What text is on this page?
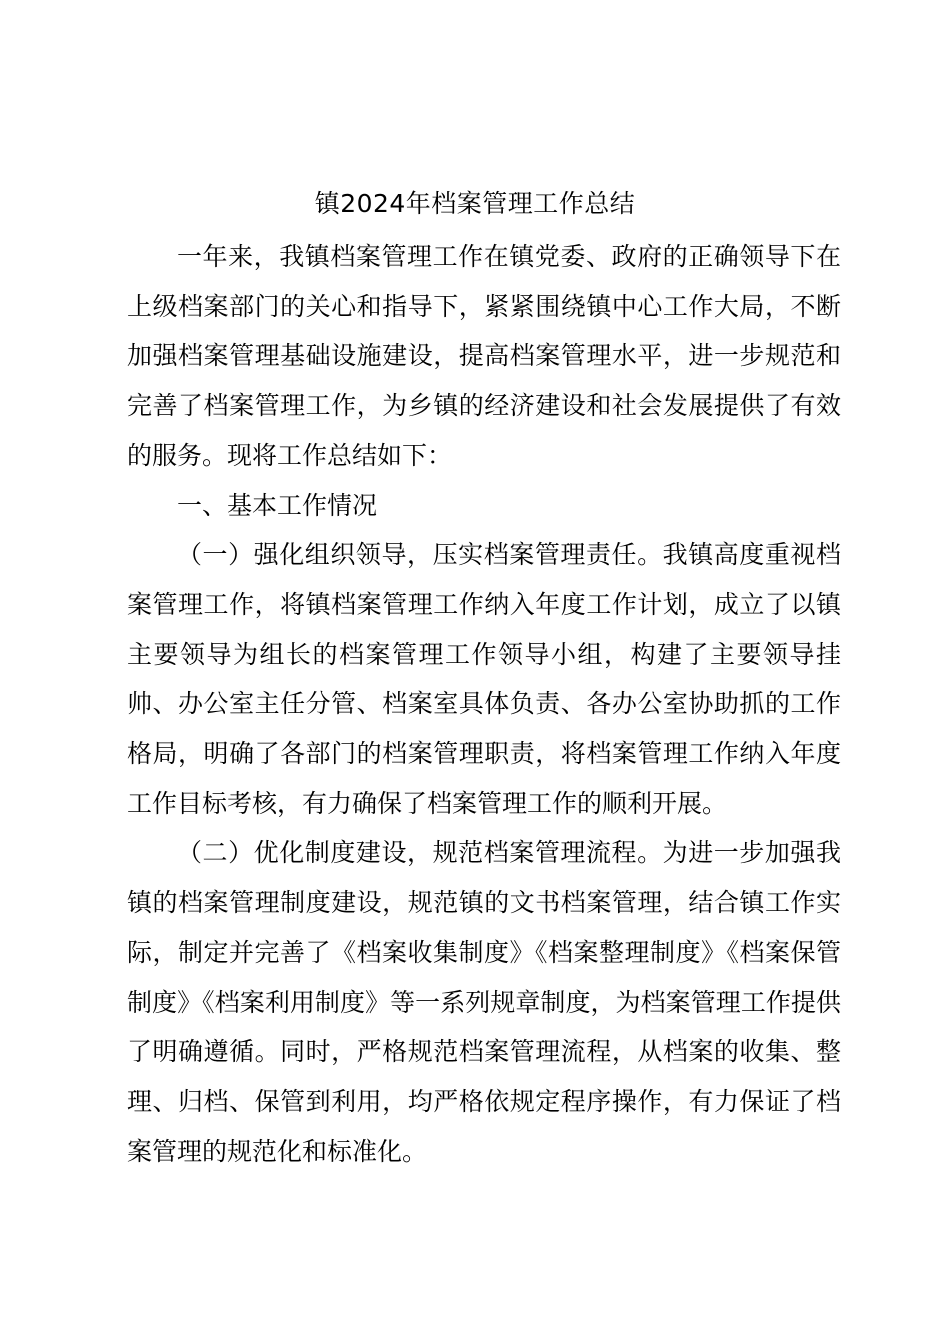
镇2024年档案管理工作总结

一年来，我镇档案管理工作在镇党委、政府的正确领导下在上级档案部门的关心和指导下，紧紧围绕镇中心工作大局，不断加强档案管理基础设施建设，提高档案管理水平，进一步规范和完善了档案管理工作，为乡镇的经济建设和社会发展提供了有效的服务。现将工作总结如下：

一、基本工作情况

（一）强化组织领导，压实档案管理责任。我镇高度重视档案管理工作，将镇档案管理工作纳入年度工作计划，成立了以镇主要领导为组长的档案管理工作领导小组，构建了主要领导挂帅、办公室主任分管、档案室具体负责、各办公室协助抓的工作格局，明确了各部门的档案管理职责，将档案管理工作纳入年度工作目标考核，有力确保了档案管理工作的顺利开展。

（二）优化制度建设，规范档案管理流程。为进一步加强我镇的档案管理制度建设，规范镇的文书档案管理，结合镇工作实际，制定并完善了《档案收集制度》《档案整理制度》《档案保管制度》《档案利用制度》等一系列规章制度，为档案管理工作提供了明确遵循。同时，严格规范档案管理流程，从档案的收集、整理、归档、保管到利用，均严格依规定程序操作，有力保证了档案管理的规范化和标准化。
